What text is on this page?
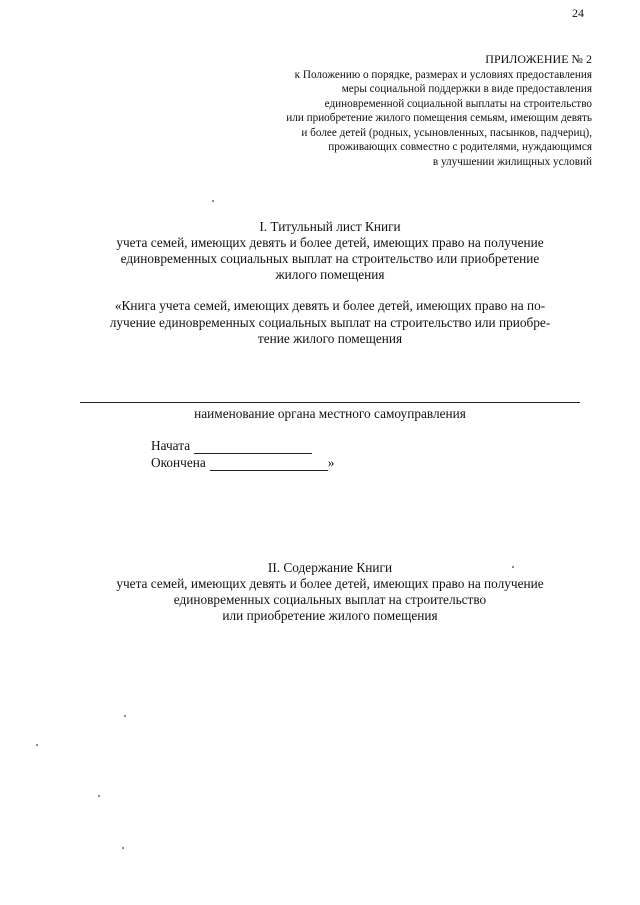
24
ПРИЛОЖЕНИЕ № 2
к Положению о порядке, размерах и условиях предоставления
меры социальной поддержки в виде предоставления
единовременной социальной выплаты на строительство
или приобретение жилого помещения семьям, имеющим девять
и более детей (родных, усыновленных, пасынков, падчериц),
проживающих совместно с родителями, нуждающимся
в улучшении жилищных условий
I. Титульный лист Книги
учета семей, имеющих девять и более детей, имеющих право на получение
единовременных социальных выплат на строительство или приобретение
жилого помещения
«Книга учета семей, имеющих девять и более детей, имеющих право на по-
лучение единовременных социальных выплат на строительство или приобре-
тение жилого помещения
наименование органа местного самоуправления
Начата
Окончена	»
II. Содержание Книги
учета семей, имеющих девять и более детей, имеющих право на получение
единовременных социальных выплат на строительство
или приобретение жилого помещения
